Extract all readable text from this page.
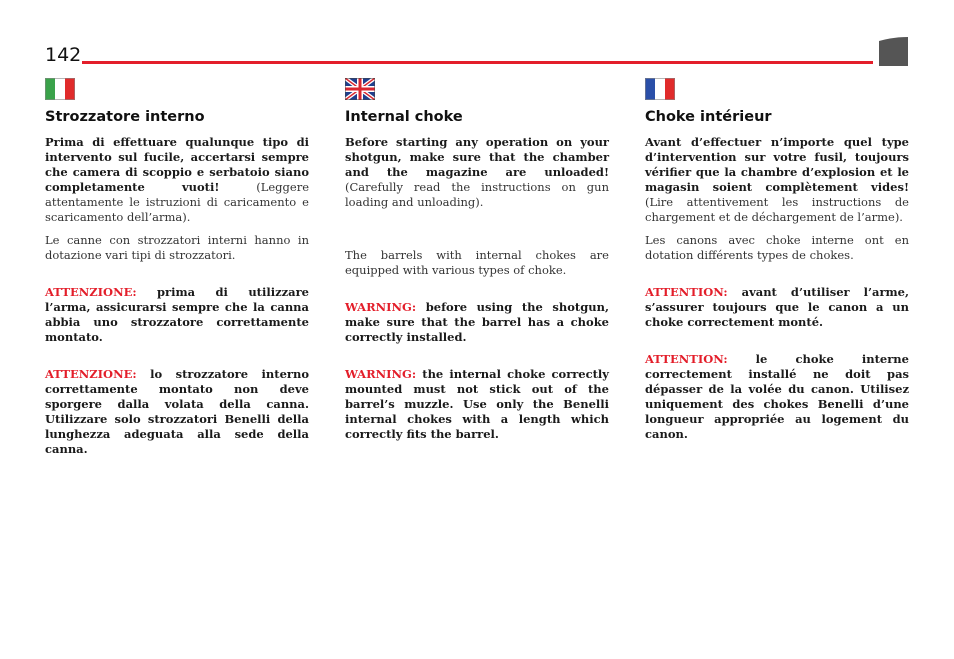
142
Strozzatore interno

Prima di effettuare qualunque tipo di intervento sul fucile, accertarsi sempre che camera di scoppio e serbatoio siano completamente vuoti! (Leggere attentamente le istruzioni di caricamento e scaricamento dell’arma).

Le canne con strozzatori interni hanno in dotazione vari tipi di strozzatori.

ATTENZIONE: prima di utilizzare l’arma, assicurarsi sempre che la canna abbia uno strozzatore correttamente montato.

ATTENZIONE: lo strozzatore interno correttamente montato non deve sporgere dalla volata della canna. Utilizzare solo strozzatori Benelli della lunghezza adeguata alla sede della canna.

Internal choke

Before starting any operation on your shotgun, make sure that the chamber and the magazine are unloaded! (Carefully read the instructions on gun loading and unloading).

The barrels with internal chokes are equipped with various types of choke.

WARNING: before using the shotgun, make sure that the barrel has a choke correctly installed.

WARNING: the internal choke correctly mounted must not stick out of the barrel’s muzzle. Use only the Benelli internal chokes with a length which correctly fits the barrel.

Choke intérieur

Avant d’effectuer n’importe quel type d’intervention sur votre fusil, toujours vérifier que la chambre d’explosion et le magasin soient complètement vides! (Lire attentivement les instructions de chargement et de déchargement de l’arme).

Les canons avec choke interne ont en dotation différents types de chokes.

ATTENTION: avant d’utiliser l’arme, s’assurer toujours que le canon a un choke correctement monté.

ATTENTION: le choke interne correctement installé ne doit pas dépasser de la volée du canon. Utilisez uniquement des chokes Benelli d’une longueur appropriée au logement du canon.
